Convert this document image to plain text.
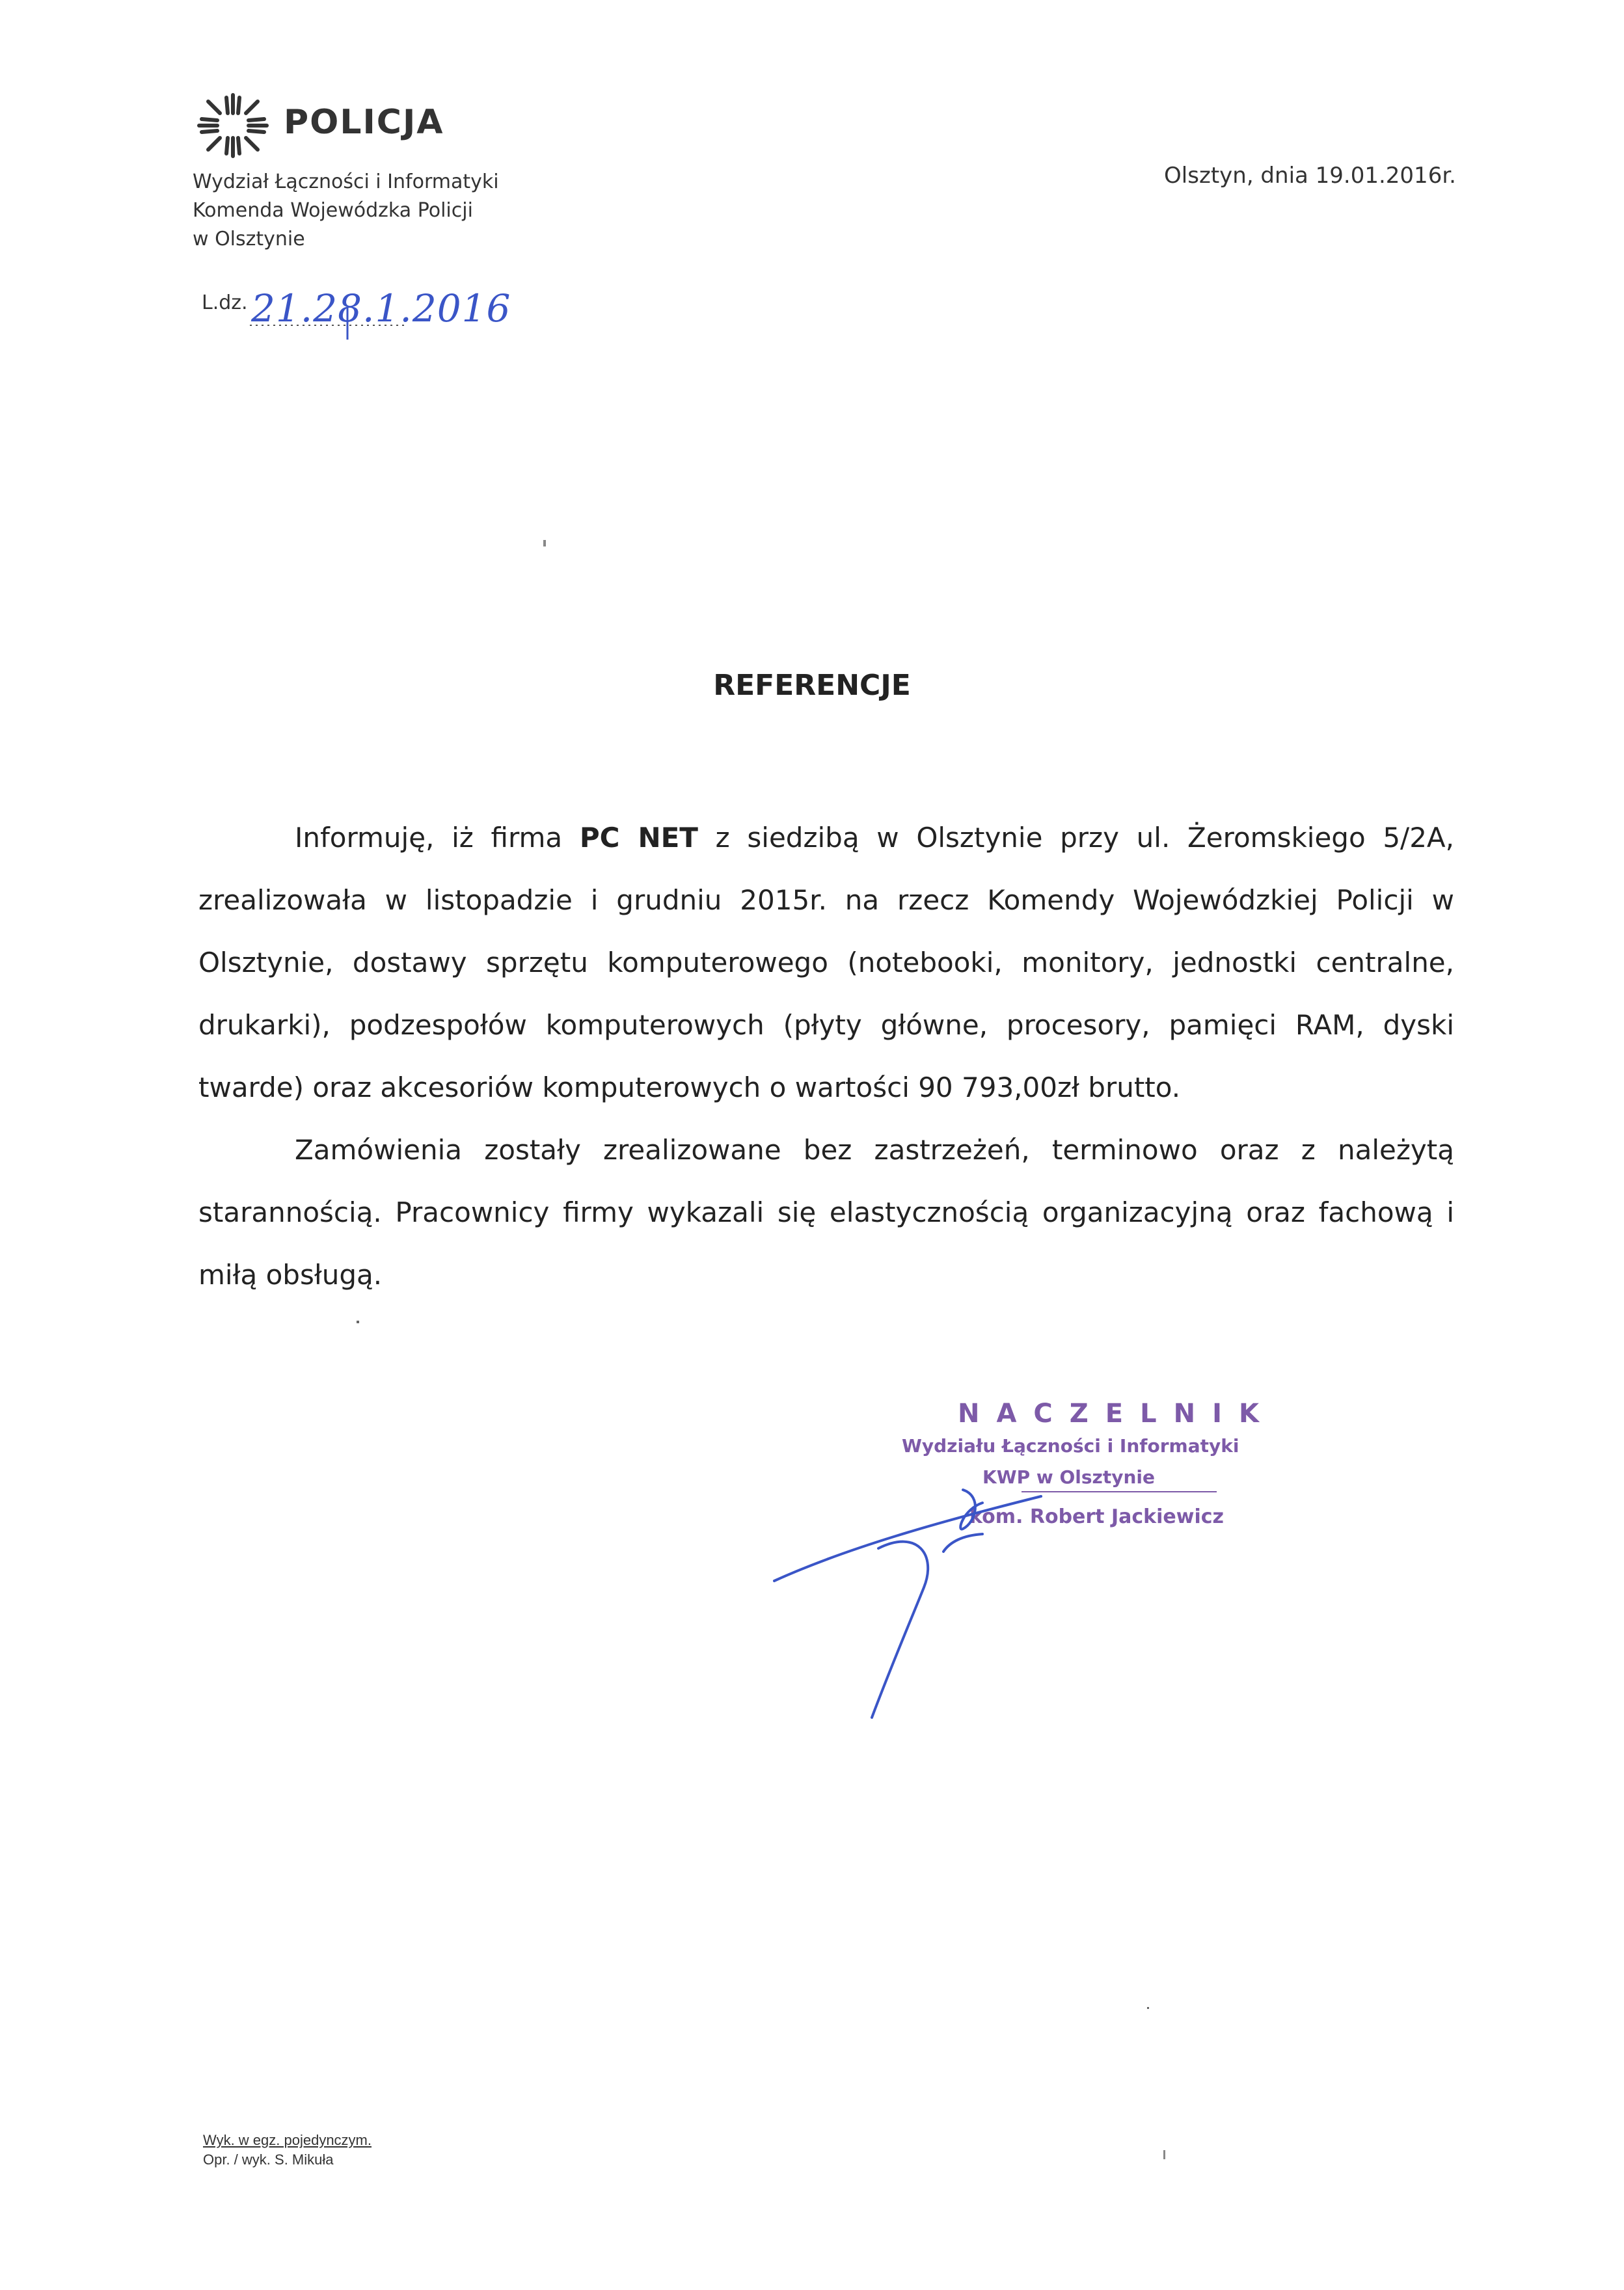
POLICJA
Wydział Łączności i Informatyki
Komenda Wojewódzka Policji
w Olsztynie
Olsztyn, dnia 19.01.2016r.
L.dz. 21.28.1.2016
REFERENCJE

Informuję, iż firma PC NET z siedzibą w Olsztynie przy ul. Żeromskiego 5/2A, zrealizowała w listopadzie i grudniu 2015r. na rzecz Komendy Wojewódzkiej Policji w Olsztynie, dostawy sprzętu komputerowego (notebooki, monitory, jednostki centralne, drukarki), podzespołów komputerowych (płyty główne, procesory, pamięci RAM, dyski twarde) oraz akcesoriów komputerowych o wartości 90 793,00zł brutto.

Zamówienia zostały zrealizowane bez zastrzeżeń, terminowo oraz z należytą starannością. Pracownicy firmy wykazali się elastycznością organizacyjną oraz fachową i miłą obsługą.

NACZELNIK
Wydziału Łączności i Informatyki
KWP w Olsztynie
kom. Robert Jackiewicz
Wyk. w egz. pojedynczym.
Opr. / wyk. S. Mikuła
